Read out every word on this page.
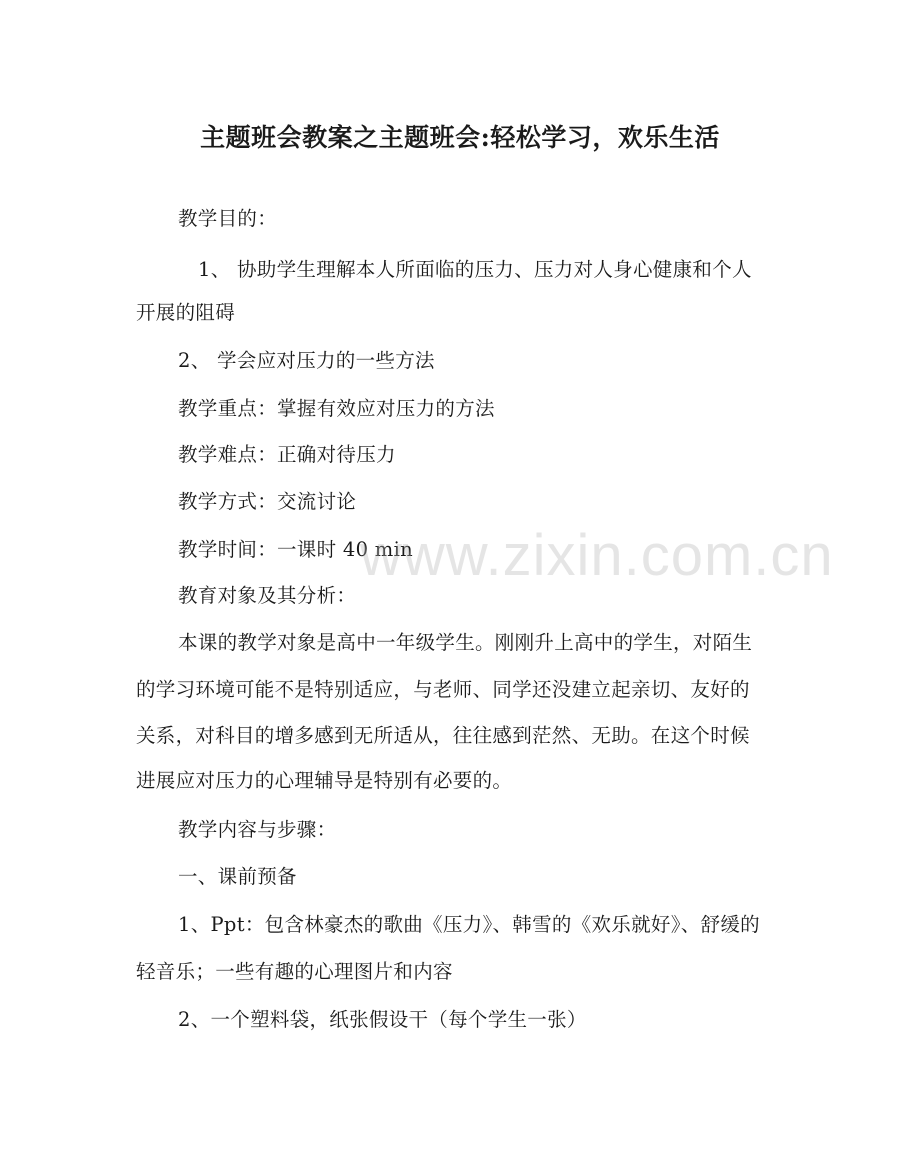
主题班会教案之主题班会:轻松学习，欢乐生活
教学目的：
1、 协助学生理解本人所面临的压力、压力对人身心健康和个人
开展的阻碍
2、 学会应对压力的一些方法
教学重点：掌握有效应对压力的方法
教学难点：正确对待压力
教学方式：交流讨论
教学时间：一课时 40 min
教育对象及其分析：
本课的教学对象是高中一年级学生。刚刚升上高中的学生，对陌生
的学习环境可能不是特别适应，与老师、同学还没建立起亲切、友好的
关系，对科目的增多感到无所适从，往往感到茫然、无助。在这个时候
进展应对压力的心理辅导是特别有必要的。
教学内容与步骤：
一、课前预备
1、Ppt：包含林豪杰的歌曲《压力》、韩雪的《欢乐就好》、舒缓的
轻音乐；一些有趣的心理图片和内容
2、一个塑料袋，纸张假设干（每个学生一张）
www.zixin.com.cn
